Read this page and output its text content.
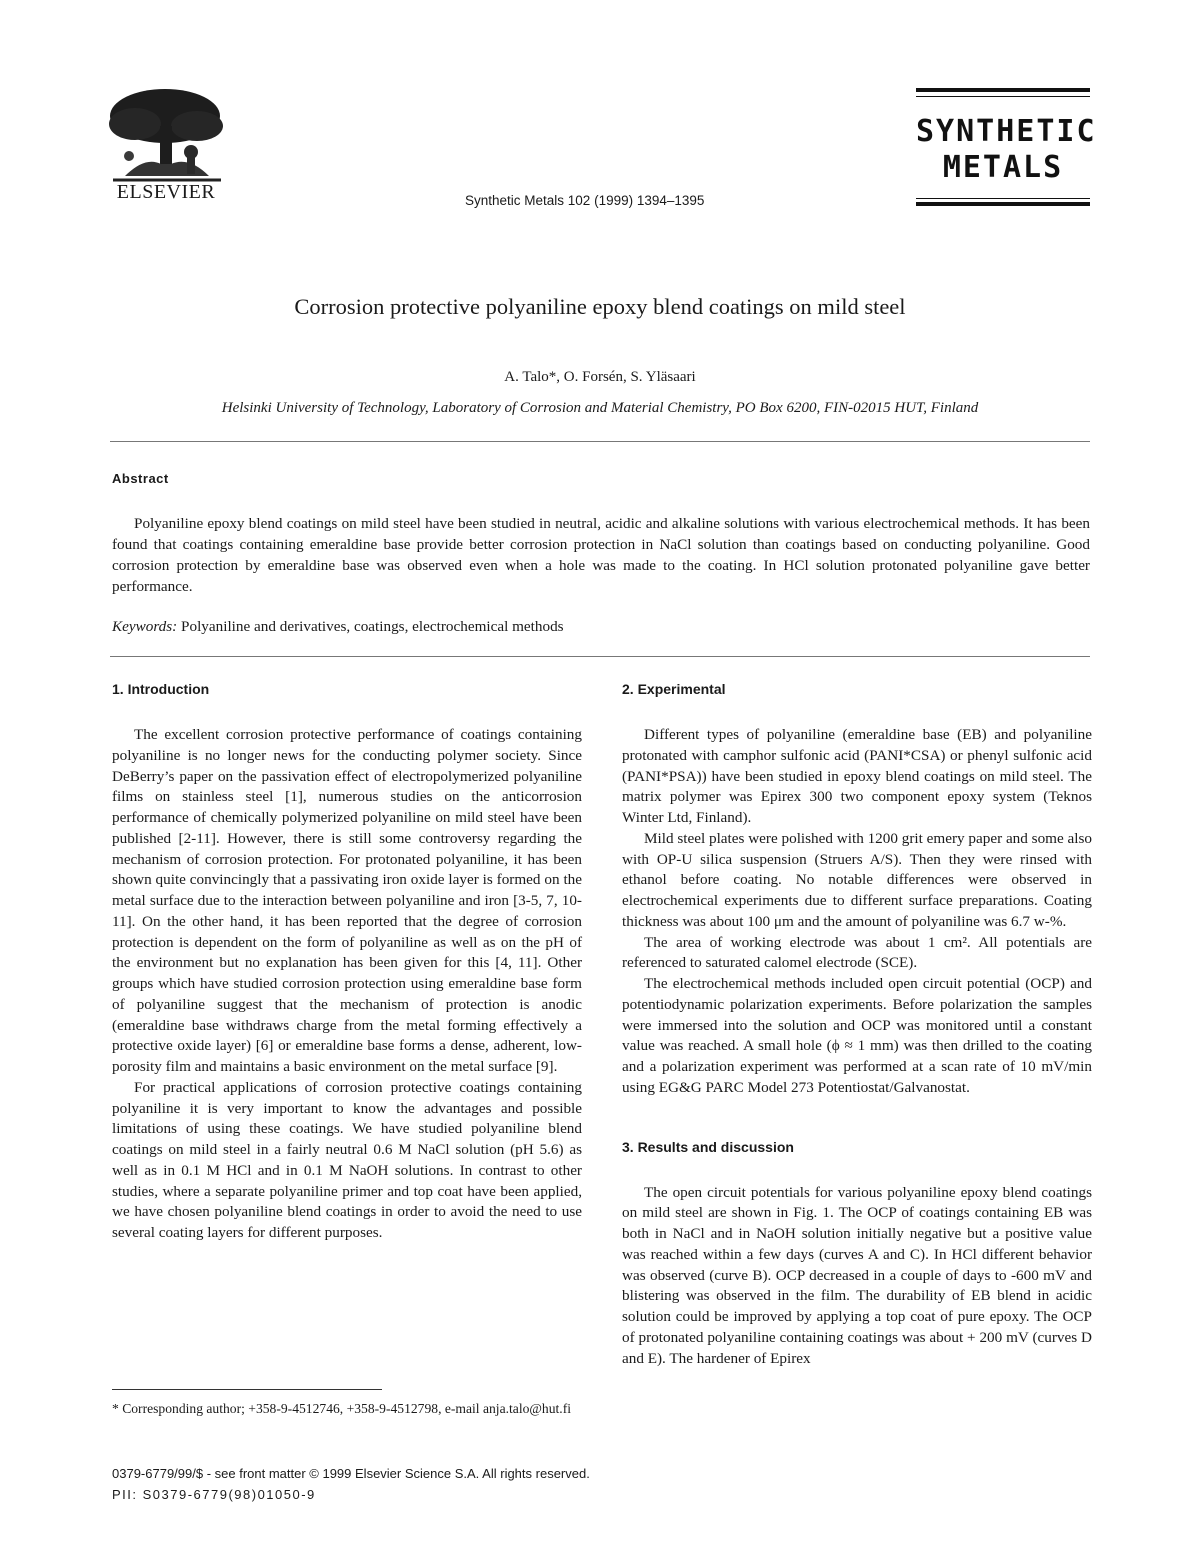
ELSEVIER	Synthetic Metals 102 (1999) 1394–1395
SYNTHETIC
METALS
Corrosion protective polyaniline epoxy blend coatings on mild steel
A. Talo*, O. Forsén, S. Yläsaari
Helsinki University of Technology, Laboratory of Corrosion and Material Chemistry, PO Box 6200, FIN-02015 HUT, Finland
Abstract

Polyaniline epoxy blend coatings on mild steel have been studied in neutral, acidic and alkaline solutions with various electrochemical methods. It has been found that coatings containing emeraldine base provide better corrosion protection in NaCl solution than coatings based on conducting polyaniline. Good corrosion protection by emeraldine base was observed even when a hole was made to the coating. In HCl solution protonated polyaniline gave better performance.

Keywords: Polyaniline and derivatives, coatings, electrochemical methods
1. Introduction

The excellent corrosion protective performance of coatings containing polyaniline is no longer news for the conducting polymer society. Since DeBerry’s paper on the passivation effect of electropolymerized polyaniline films on stainless steel [1], numerous studies on the anticorrosion performance of chemically polymerized polyaniline on mild steel have been published [2-11]. However, there is still some controversy regarding the mechanism of corrosion protection. For protonated polyaniline, it has been shown quite convincingly that a passivating iron oxide layer is formed on the metal surface due to the interaction between polyaniline and iron [3-5, 7, 10-11]. On the other hand, it has been reported that the degree of corrosion protection is dependent on the form of polyaniline as well as on the pH of the environment but no explanation has been given for this [4, 11]. Other groups which have studied corrosion protection using emeraldine base form of polyaniline suggest that the mechanism of protection is anodic (emeraldine base withdraws charge from the metal forming effectively a protective oxide layer) [6] or emeraldine base forms a dense, adherent, low-porosity film and maintains a basic environment on the metal surface [9].

For practical applications of corrosion protective coatings containing polyaniline it is very important to know the advantages and possible limitations of using these coatings. We have studied polyaniline blend coatings on mild steel in a fairly neutral 0.6 M NaCl solution (pH 5.6) as well as in 0.1 M HCl and in 0.1 M NaOH solutions. In contrast to other studies, where a separate polyaniline primer and top coat have been applied, we have chosen polyaniline blend coatings in order to avoid the need to use several coating layers for different purposes.

2. Experimental

Different types of polyaniline (emeraldine base (EB) and polyaniline protonated with camphor sulfonic acid (PANI*CSA) or phenyl sulfonic acid (PANI*PSA)) have been studied in epoxy blend coatings on mild steel. The matrix polymer was Epirex 300 two component epoxy system (Teknos Winter Ltd, Finland).

Mild steel plates were polished with 1200 grit emery paper and some also with OP-U silica suspension (Struers A/S). Then they were rinsed with ethanol before coating. No notable differences were observed in electrochemical experiments due to different surface preparations. Coating thickness was about 100 μm and the amount of polyaniline was 6.7 w-%.

The area of working electrode was about 1 cm². All potentials are referenced to saturated calomel electrode (SCE).

The electrochemical methods included open circuit potential (OCP) and potentiodynamic polarization experiments. Before polarization the samples were immersed into the solution and OCP was monitored until a constant value was reached. A small hole (ϕ ≈ 1 mm) was then drilled to the coating and a polarization experiment was performed at a scan rate of 10 mV/min using EG&G PARC Model 273 Potentiostat/Galvanostat.

3. Results and discussion

The open circuit potentials for various polyaniline epoxy blend coatings on mild steel are shown in Fig. 1. The OCP of coatings containing EB was both in NaCl and in NaOH solution initially negative but a positive value was reached within a few days (curves A and C). In HCl different behavior was observed (curve B). OCP decreased in a couple of days to -600 mV and blistering was observed in the film. The durability of EB blend in acidic solution could be improved by applying a top coat of pure epoxy. The OCP of protonated polyaniline containing coatings was about + 200 mV (curves D and E). The hardener of Epirex

* Corresponding author; +358-9-4512746, +358-9-4512798, e-mail anja.talo@hut.fi

0379-6779/99/$ - see front matter © 1999 Elsevier Science S.A. All rights reserved.
PII: S0379-6779(98)01050-9
